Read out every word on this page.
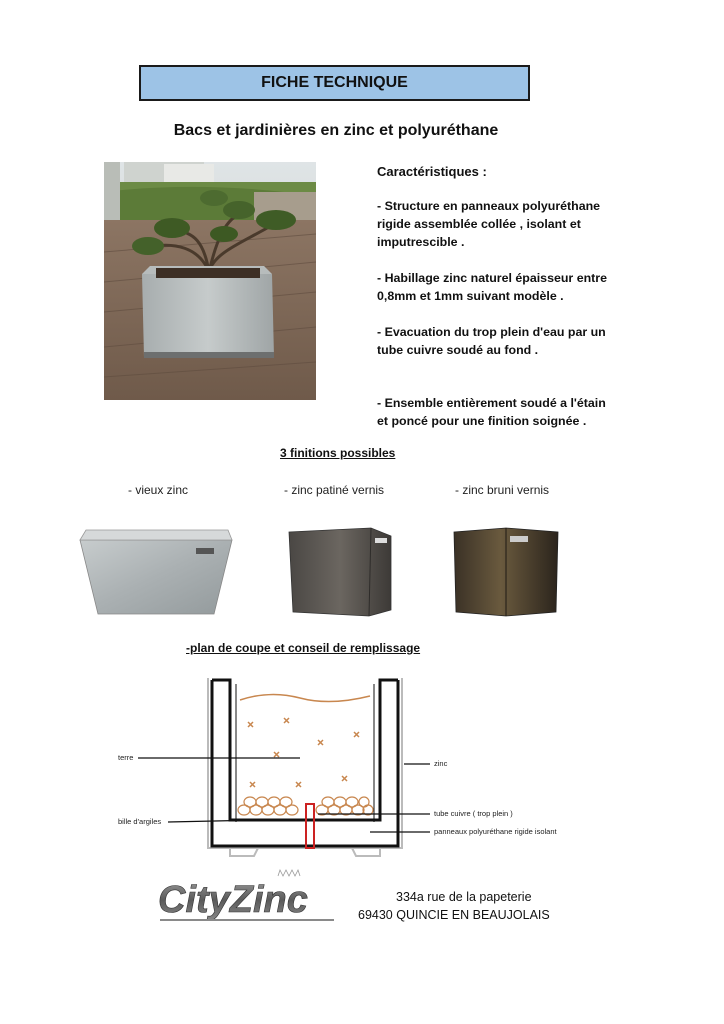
FICHE TECHNIQUE
Bacs et jardinières en zinc et polyuréthane
Caractéristiques :

- Structure en panneaux polyuréthane
rigide assemblée collée , isolant et
imputrescible .

- Habillage zinc naturel épaisseur entre
0,8mm et 1mm suivant modèle .

- Evacuation du trop plein d'eau par un
tube cuivre soudé au fond .

- Ensemble entièrement soudé a l'étain
et poncé pour une finition soignée .

3 finitions possibles
- vieux zinc	- zinc patiné vernis	- zinc bruni vernis
-plan de coupe et conseil de remplissage
terre
bille d'argiles
zinc
tube cuivre ( trop plein )
panneaux polyuréthane rigide isolant
CityZinc	334a rue de la papeterie
69430 QUINCIE EN BEAUJOLAIS
